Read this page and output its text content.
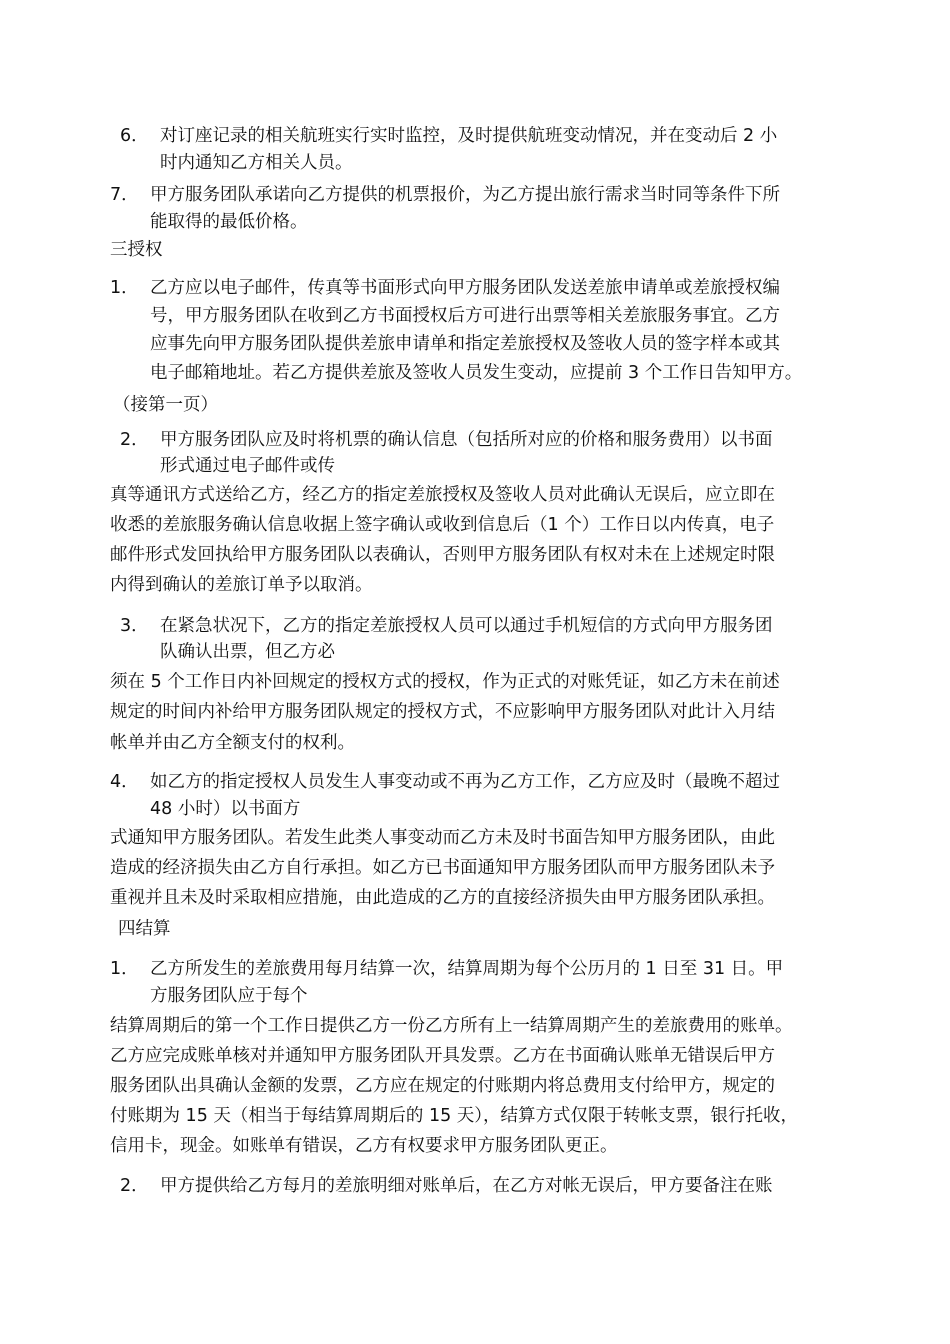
6． 对订座记录的相关航班实行实时监控，及时提供航班变动情况，并在变动后 2 小
时内通知乙方相关人员。
7． 甲方服务团队承诺向乙方提供的机票报价，为乙方提出旅行需求当时同等条件下所
能取得的最低价格。
三授权
1． 乙方应以电子邮件，传真等书面形式向甲方服务团队发送差旅申请单或差旅授权编
号，甲方服务团队在收到乙方书面授权后方可进行出票等相关差旅服务事宜。乙方
应事先向甲方服务团队提供差旅申请单和指定差旅授权及签收人员的签字样本或其
电子邮箱地址。若乙方提供差旅及签收人员发生变动，应提前 3 个工作日告知甲方。
（接第一页）
2． 甲方服务团队应及时将机票的确认信息（包括所对应的价格和服务费用）以书面
形式通过电子邮件或传
真等通讯方式送给乙方，经乙方的指定差旅授权及签收人员对此确认无误后，应立即在
收悉的差旅服务确认信息收据上签字确认或收到信息后（1 个）工作日以内传真，电子
邮件形式发回执给甲方服务团队以表确认，否则甲方服务团队有权对未在上述规定时限
内得到确认的差旅订单予以取消。
3． 在紧急状况下，乙方的指定差旅授权人员可以通过手机短信的方式向甲方服务团
队确认出票，但乙方必
须在 5 个工作日内补回规定的授权方式的授权，作为正式的对账凭证，如乙方未在前述
规定的时间内补给甲方服务团队规定的授权方式，不应影响甲方服务团队对此计入月结
帐单并由乙方全额支付的权利。
4． 如乙方的指定授权人员发生人事变动或不再为乙方工作，乙方应及时（最晚不超过
48 小时）以书面方
式通知甲方服务团队。若发生此类人事变动而乙方未及时书面告知甲方服务团队，由此
造成的经济损失由乙方自行承担。如乙方已书面通知甲方服务团队而甲方服务团队未予
重视并且未及时采取相应措施，由此造成的乙方的直接经济损失由甲方服务团队承担。
四结算
1． 乙方所发生的差旅费用每月结算一次，结算周期为每个公历月的 1 日至 31 日。甲
方服务团队应于每个
结算周期后的第一个工作日提供乙方一份乙方所有上一结算周期产生的差旅费用的账单。
乙方应完成账单核对并通知甲方服务团队开具发票。乙方在书面确认账单无错误后甲方
服务团队出具确认金额的发票，乙方应在规定的付账期内将总费用支付给甲方，规定的
付账期为 15 天（相当于每结算周期后的 15 天），结算方式仅限于转帐支票，银行托收，
信用卡，现金。如账单有错误，乙方有权要求甲方服务团队更正。
2． 甲方提供给乙方每月的差旅明细对账单后，在乙方对帐无误后，甲方要备注在账
